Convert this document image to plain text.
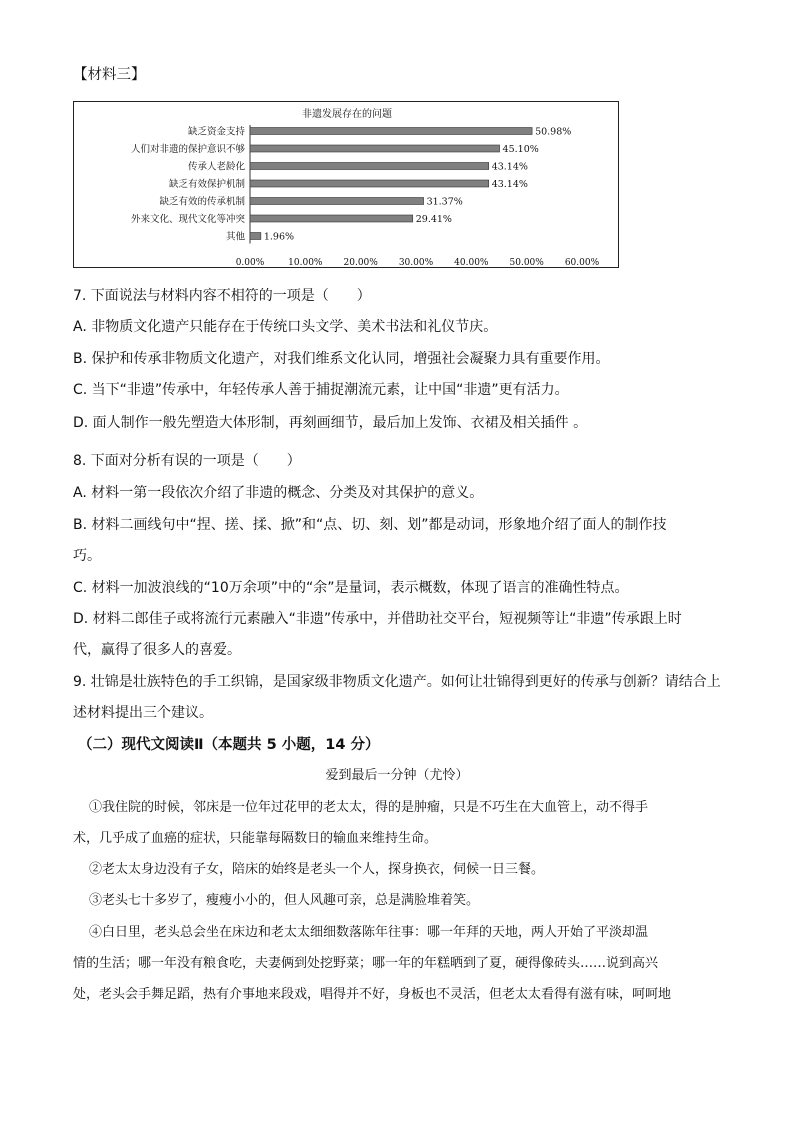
【材料三】
非遗发展存在的问题
缺乏资金支持	50.98%
人们对非遗的保护意识不够	45.10%
传承人老龄化	43.14%
缺乏有效保护机制	43.14%
缺乏有效的传承机制	31.37%
外来文化、现代文化等冲突	29.41%
其他 1.96%
0.00%	10.00% 20.00% 30.00% 40.00% 50.00% 60.00%
7. 下面说法与材料内容不相符的一项是（　　）
A. 非物质文化遗产只能存在于传统口头文学、美术书法和礼仪节庆。
B. 保护和传承非物质文化遗产，对我们维系文化认同，增强社会凝聚力具有重要作用。
C. 当下“非遗”传承中，年轻传承人善于捕捉潮流元素，让中国“非遗”更有活力。
D. 面人制作一般先塑造大体形制，再刻画细节，最后加上发饰、衣裙及相关插件 。
8. 下面对分析有误的一项是（　　）
A. 材料一第一段依次介绍了非遗的概念、分类及对其保护的意义。
B. 材料二画线句中“捏、搓、揉、掀”和“点、切、刻、划”都是动词，形象地介绍了面人的制作技
巧。
C. 材料一加波浪线的“10万余项”中的“余”是量词，表示概数，体现了语言的准确性特点。
D. 材料二郎佳子或将流行元素融入“非遗”传承中，并借助社交平台，短视频等让“非遗”传承跟上时
代，赢得了很多人的喜爱。
9. 壮锦是壮族特色的手工织锦，是国家级非物质文化遗产。如何让壮锦得到更好的传承与创新？请结合上
述材料提出三个建议。
（二）现代文阅读Ⅱ（本题共 5 小题，14 分）
爱到最后一分钟（尤怜）
①我住院的时候，邻床是一位年过花甲的老太太，得的是肿瘤，只是不巧生在大血管上，动不得手
术，几乎成了血癌的症状，只能靠每隔数日的输血来维持生命。
②老太太身边没有子女，陪床的始终是老头一个人，探身换衣，伺候一日三餐。
③老头七十多岁了，瘦瘦小小的，但人风趣可亲，总是满脸堆着笑。
④白日里，老头总会坐在床边和老太太细细数落陈年往事：哪一年拜的天地，两人开始了平淡却温
情的生活；哪一年没有粮食吃，夫妻俩到处挖野菜；哪一年的年糕晒到了夏，硬得像砖头……说到高兴
处，老头会手舞足蹈，热有介事地来段戏，唱得并不好，身板也不灵活，但老太太看得有滋有味，呵呵地
